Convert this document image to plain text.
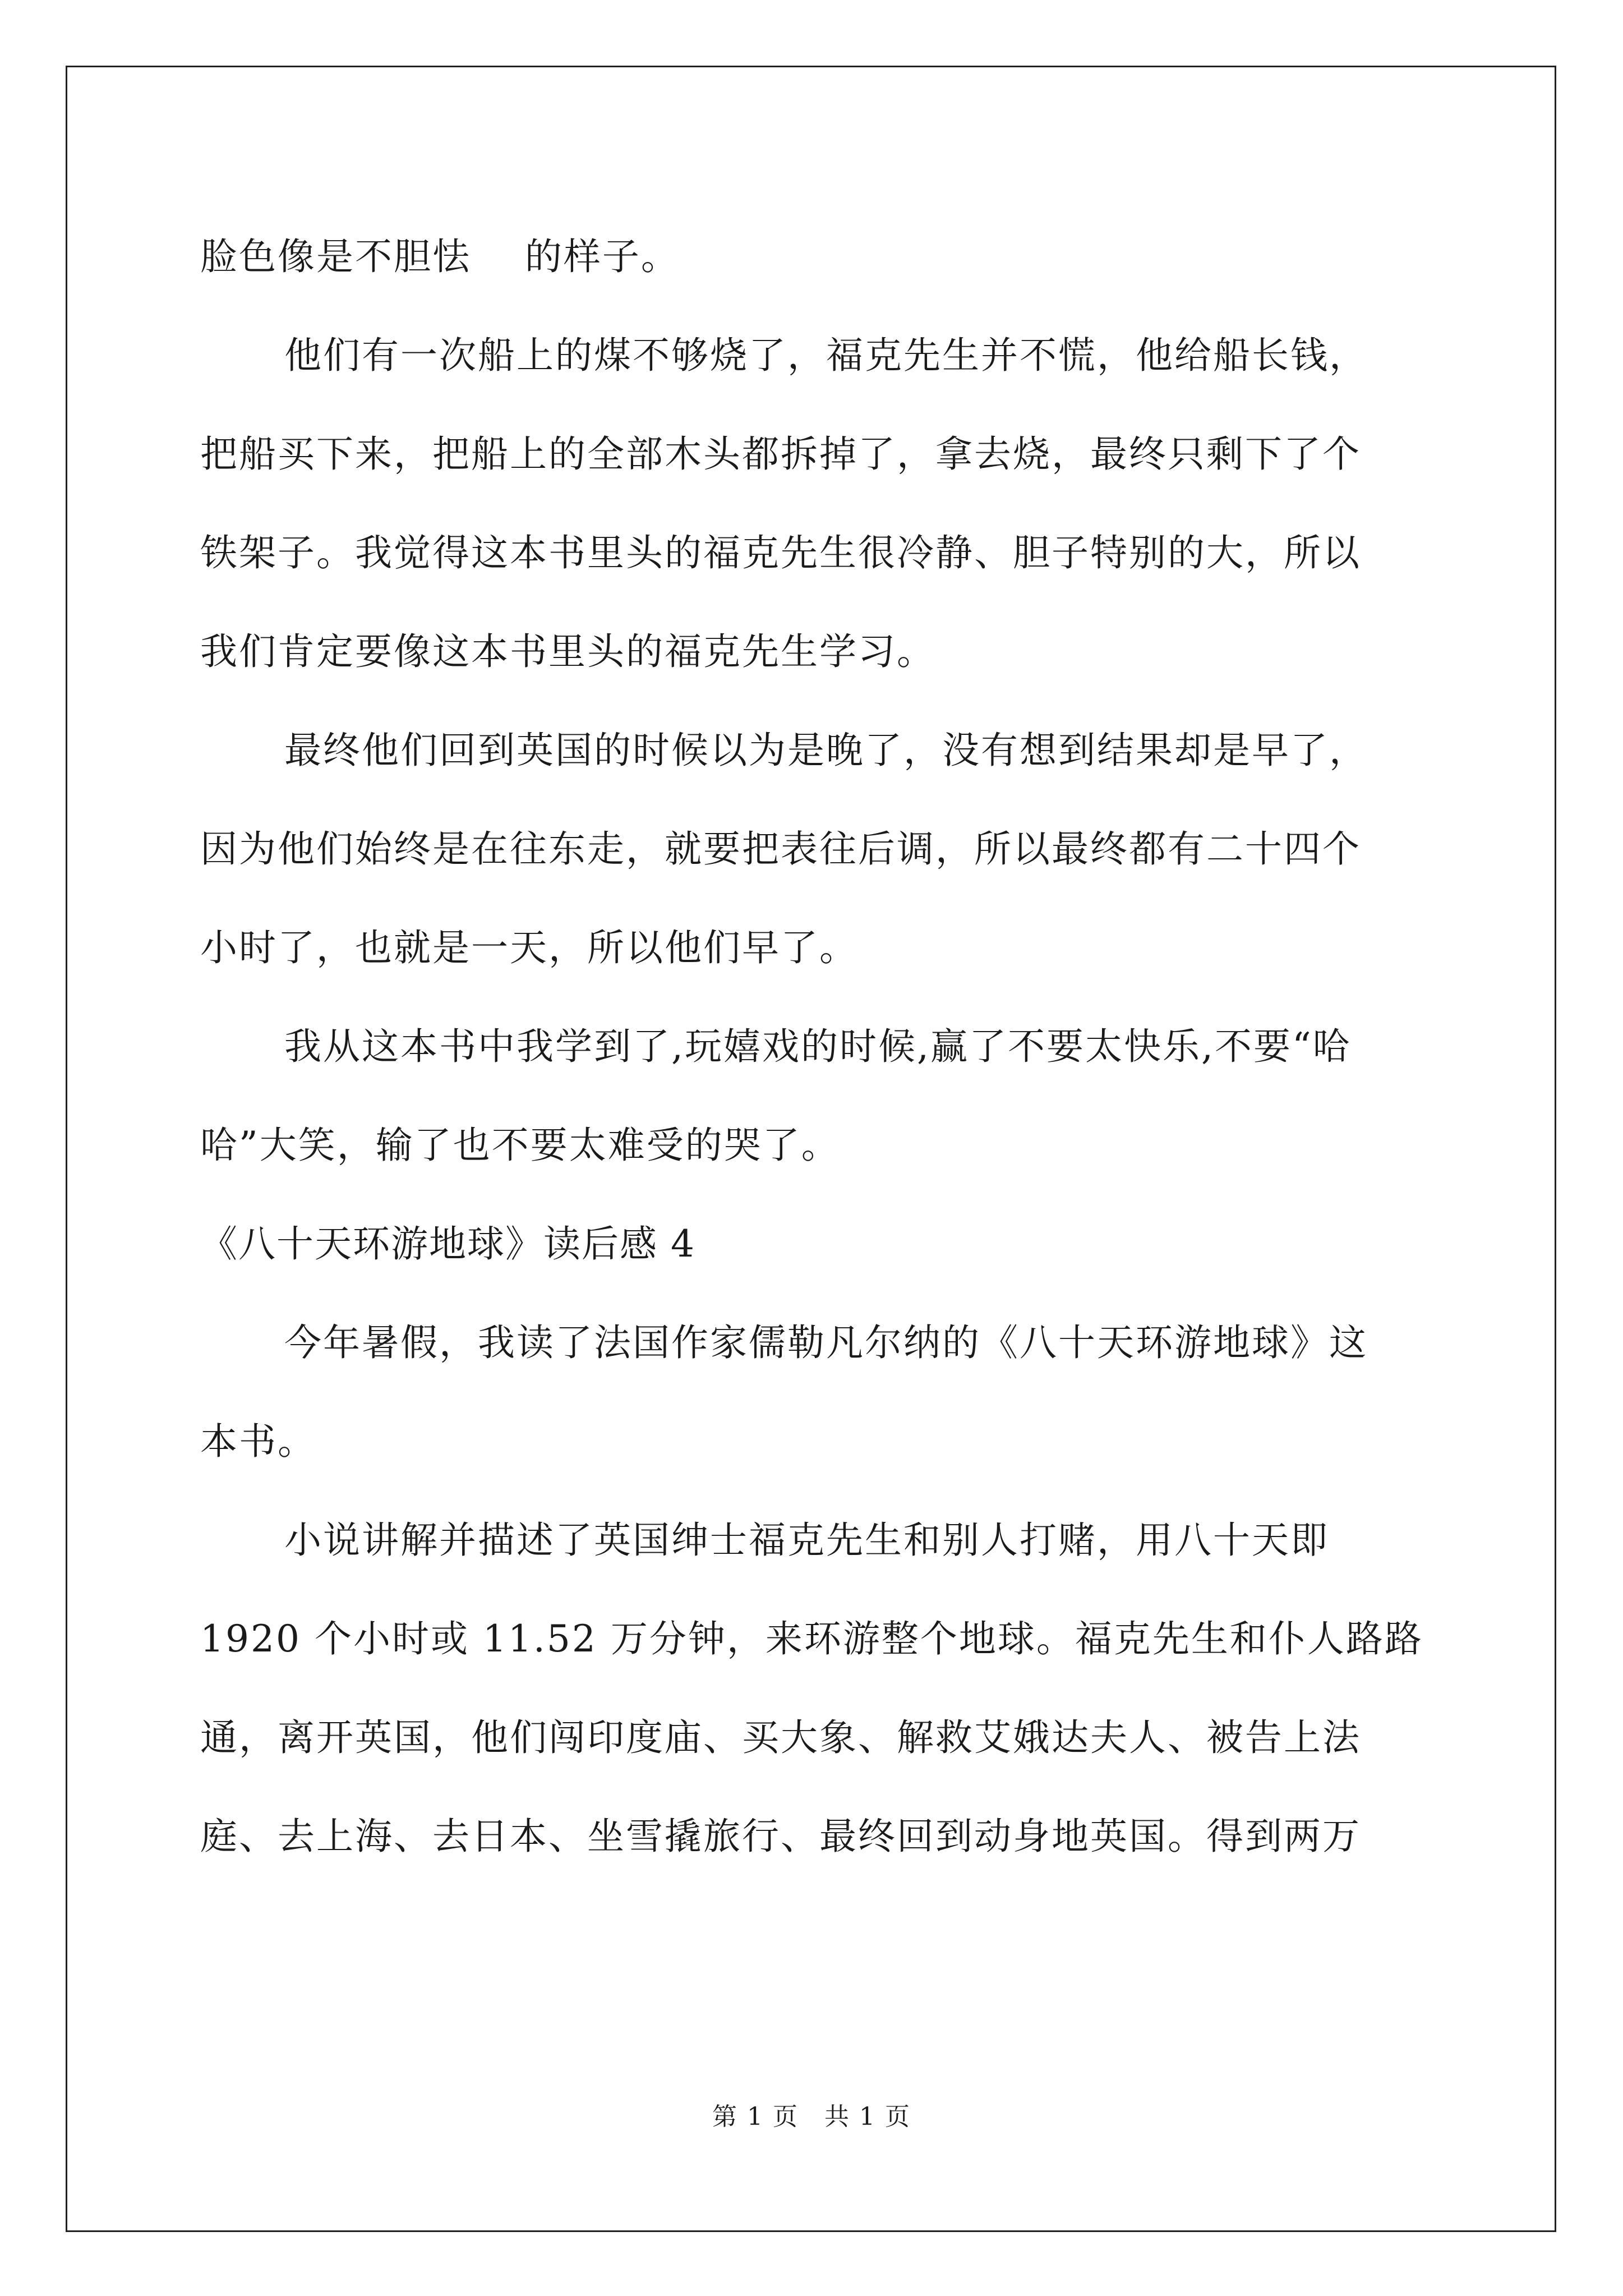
脸色像是不胆怯    的样子。
他们有一次船上的煤不够烧了，福克先生并不慌，他给船长钱，
把船买下来，把船上的全部木头都拆掉了，拿去烧，最终只剩下了个
铁架子。我觉得这本书里头的福克先生很冷静、胆子特别的大，所以
我们肯定要像这本书里头的福克先生学习。
最终他们回到英国的时候以为是晚了，没有想到结果却是早了，
因为他们始终是在往东走，就要把表往后调，所以最终都有二十四个
小时了，也就是一天，所以他们早了。
我从这本书中我学到了,玩嬉戏的时候,赢了不要太快乐,不要“哈
哈”大笑，输了也不要太难受的哭了。
《八十天环游地球》读后感 4
今年暑假，我读了法国作家儒勒凡尔纳的《八十天环游地球》这
本书。
小说讲解并描述了英国绅士福克先生和别人打赌，用八十天即
1920 个小时或 11.52 万分钟，来环游整个地球。福克先生和仆人路路
通，离开英国，他们闯印度庙、买大象、解救艾娥达夫人、被告上法
庭、去上海、去日本、坐雪撬旅行、最终回到动身地英国。得到两万
第 1 页 共 1 页
